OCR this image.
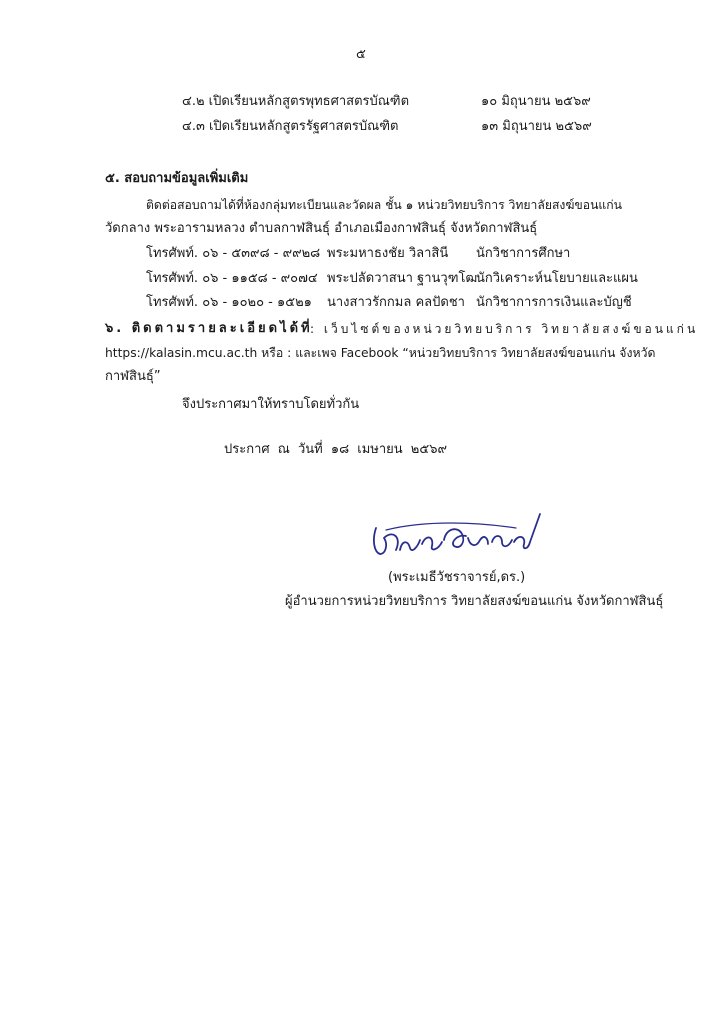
๕
๔.๒ เปิดเรียนหลักสูตรพุทธศาสตรบัณฑิต	๑๐ มิถุนายน ๒๕๖๙
๔.๓ เปิดเรียนหลักสูตรรัฐศาสตรบัณฑิต	๑๓ มิถุนายน ๒๕๖๙
๕. สอบถามข้อมูลเพิ่มเติม
ติดต่อสอบถามได้ที่ห้องกลุ่มทะเบียนและวัดผล ชั้น ๑ หน่วยวิทยบริการ วิทยาลัยสงฆ์ขอนแก่น
วัดกลาง พระอารามหลวง ตำบลกาฬสินธุ์ อำเภอเมืองกาฬสินธุ์ จังหวัดกาฬสินธุ์
โทรศัพท์. ๐๖ - ๕๓๙๘ - ๙๙๒๘ พระมหาธงชัย วิลาสินี นักวิชาการศึกษา
โทรศัพท์. ๐๖ - ๑๑๕๘ - ๙๐๗๔ พระปลัดวาสนา ฐานวุฑโฒ
นักวิเคราะห์นโยบายและแผน
โทรศัพท์. ๐๖ - ๑๐๒๐ - ๑๕๒๑ นางสาวรักกมล คลปัดชา นักวิชาการการเงินและบัญชี
๖. ติดตามรายละเอียดได้ที่
: เว็บไซต์ของหน่วยวิทยบริการ วิทยาลัยสงฆ์ขอนแก่น
https://kalasin.mcu.ac.th หรือ : และเพจ Facebook “หน่วยวิทยบริการ วิทยาลัยสงฆ์ขอนแก่น จังหวัด
กาฬสินธุ์”
จึงประกาศมาให้ทราบโดยทั่วกัน
ประกาศ ณ วันที่ ๑๘ เมษายน ๒๕๖๙
(พระเมธีวัชราจารย์,ดร.)
ผู้อำนวยการหน่วยวิทยบริการ วิทยาลัยสงฆ์ขอนแก่น จังหวัดกาฬสินธุ์
